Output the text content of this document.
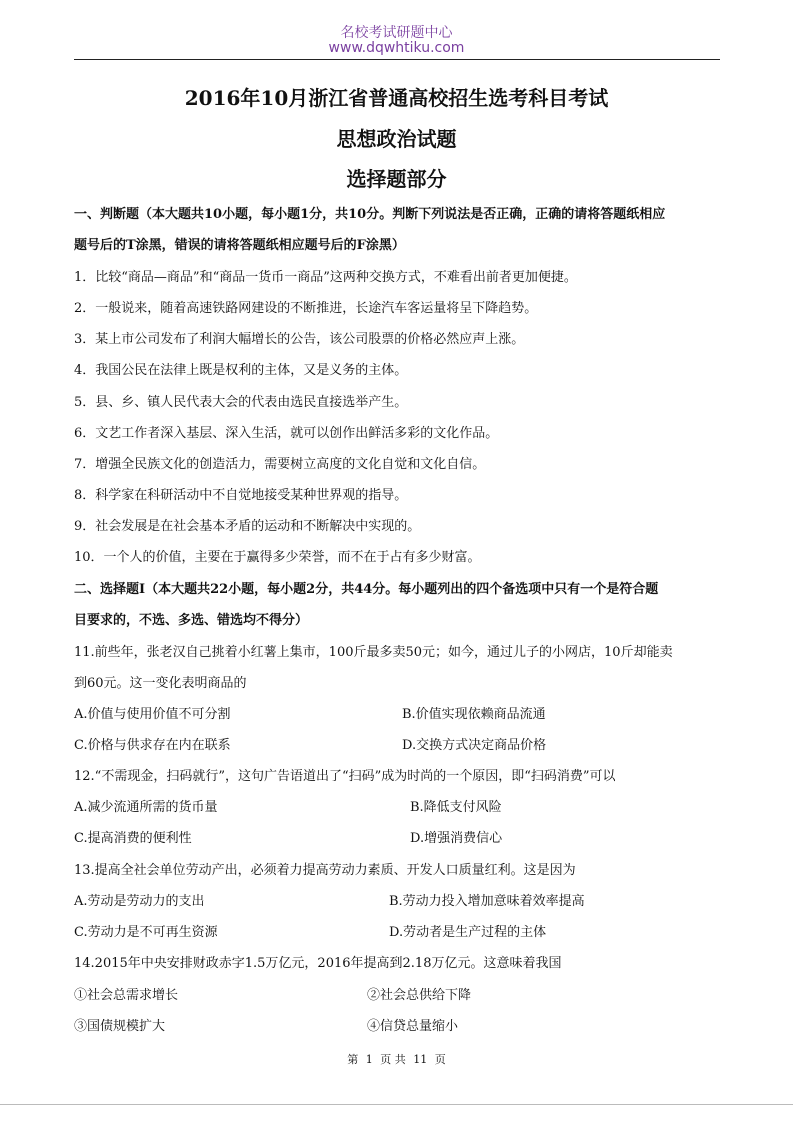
名校考试研题中心
www.dqwhtiku.com
2016年10月浙江省普通高校招生选考科目考试
思想政治试题
选择题部分
一、判断题（本大题共10小题，每小题1分，共10分。判断下列说法是否正确，正确的请将答题纸相应
题号后的T涂黑，错误的请将答题纸相应题号后的F涂黑）
1．比较“商品—商品”和“商品一货币一商品”这两种交换方式，不难看出前者更加便捷。
2．一般说来，随着高速铁路网建设的不断推进，长途汽车客运量将呈下降趋势。
3．某上市公司发布了利润大幅增长的公告，该公司股票的价格必然应声上涨。
4．我国公民在法律上既是权利的主体，又是义务的主体。
5．县、乡、镇人民代表大会的代表由选民直接选举产生。
6．文艺工作者深入基层、深入生活，就可以创作出鲜活多彩的文化作品。
7．增强全民族文化的创造活力，需要树立高度的文化自觉和文化自信。
8．科学家在科研活动中不自觉地接受某种世界观的指导。
9．社会发展是在社会基本矛盾的运动和不断解决中实现的。
10．一个人的价值，主要在于赢得多少荣誉，而不在于占有多少财富。
二、选择题Ⅰ（本大题共22小题，每小题2分，共44分。每小题列出的四个备选项中只有一个是符合题
目要求的，不选、多选、错选均不得分）
11.前些年，张老汉自己挑着小红薯上集市，100斤最多卖50元；如今，通过儿子的小网店，10斤却能卖
到60元。这一变化表明商品的
A.价值与使用价值不可分割	B.价值实现依赖商品流通
C.价格与供求存在内在联系	D.交换方式决定商品价格
12.“不需现金，扫码就行”，这句广告语道出了“扫码”成为时尚的一个原因，即“扫码消费”可以
A.减少流通所需的货币量	B.降低支付风险
C.提高消费的便利性	D.增强消费信心
13.提高全社会单位劳动产出，必须着力提高劳动力素质、开发人口质量红利。这是因为
A.劳动是劳动力的支出	B.劳动力投入增加意味着效率提高
C.劳动力是不可再生资源	D.劳动者是生产过程的主体
14.2015年中央安排财政赤字1.5万亿元，2016年提高到2.18万亿元。这意味着我国
①社会总需求增长	②社会总供给下降
③国债规模扩大	④信贷总量缩小
第 1 页 共 11 页
